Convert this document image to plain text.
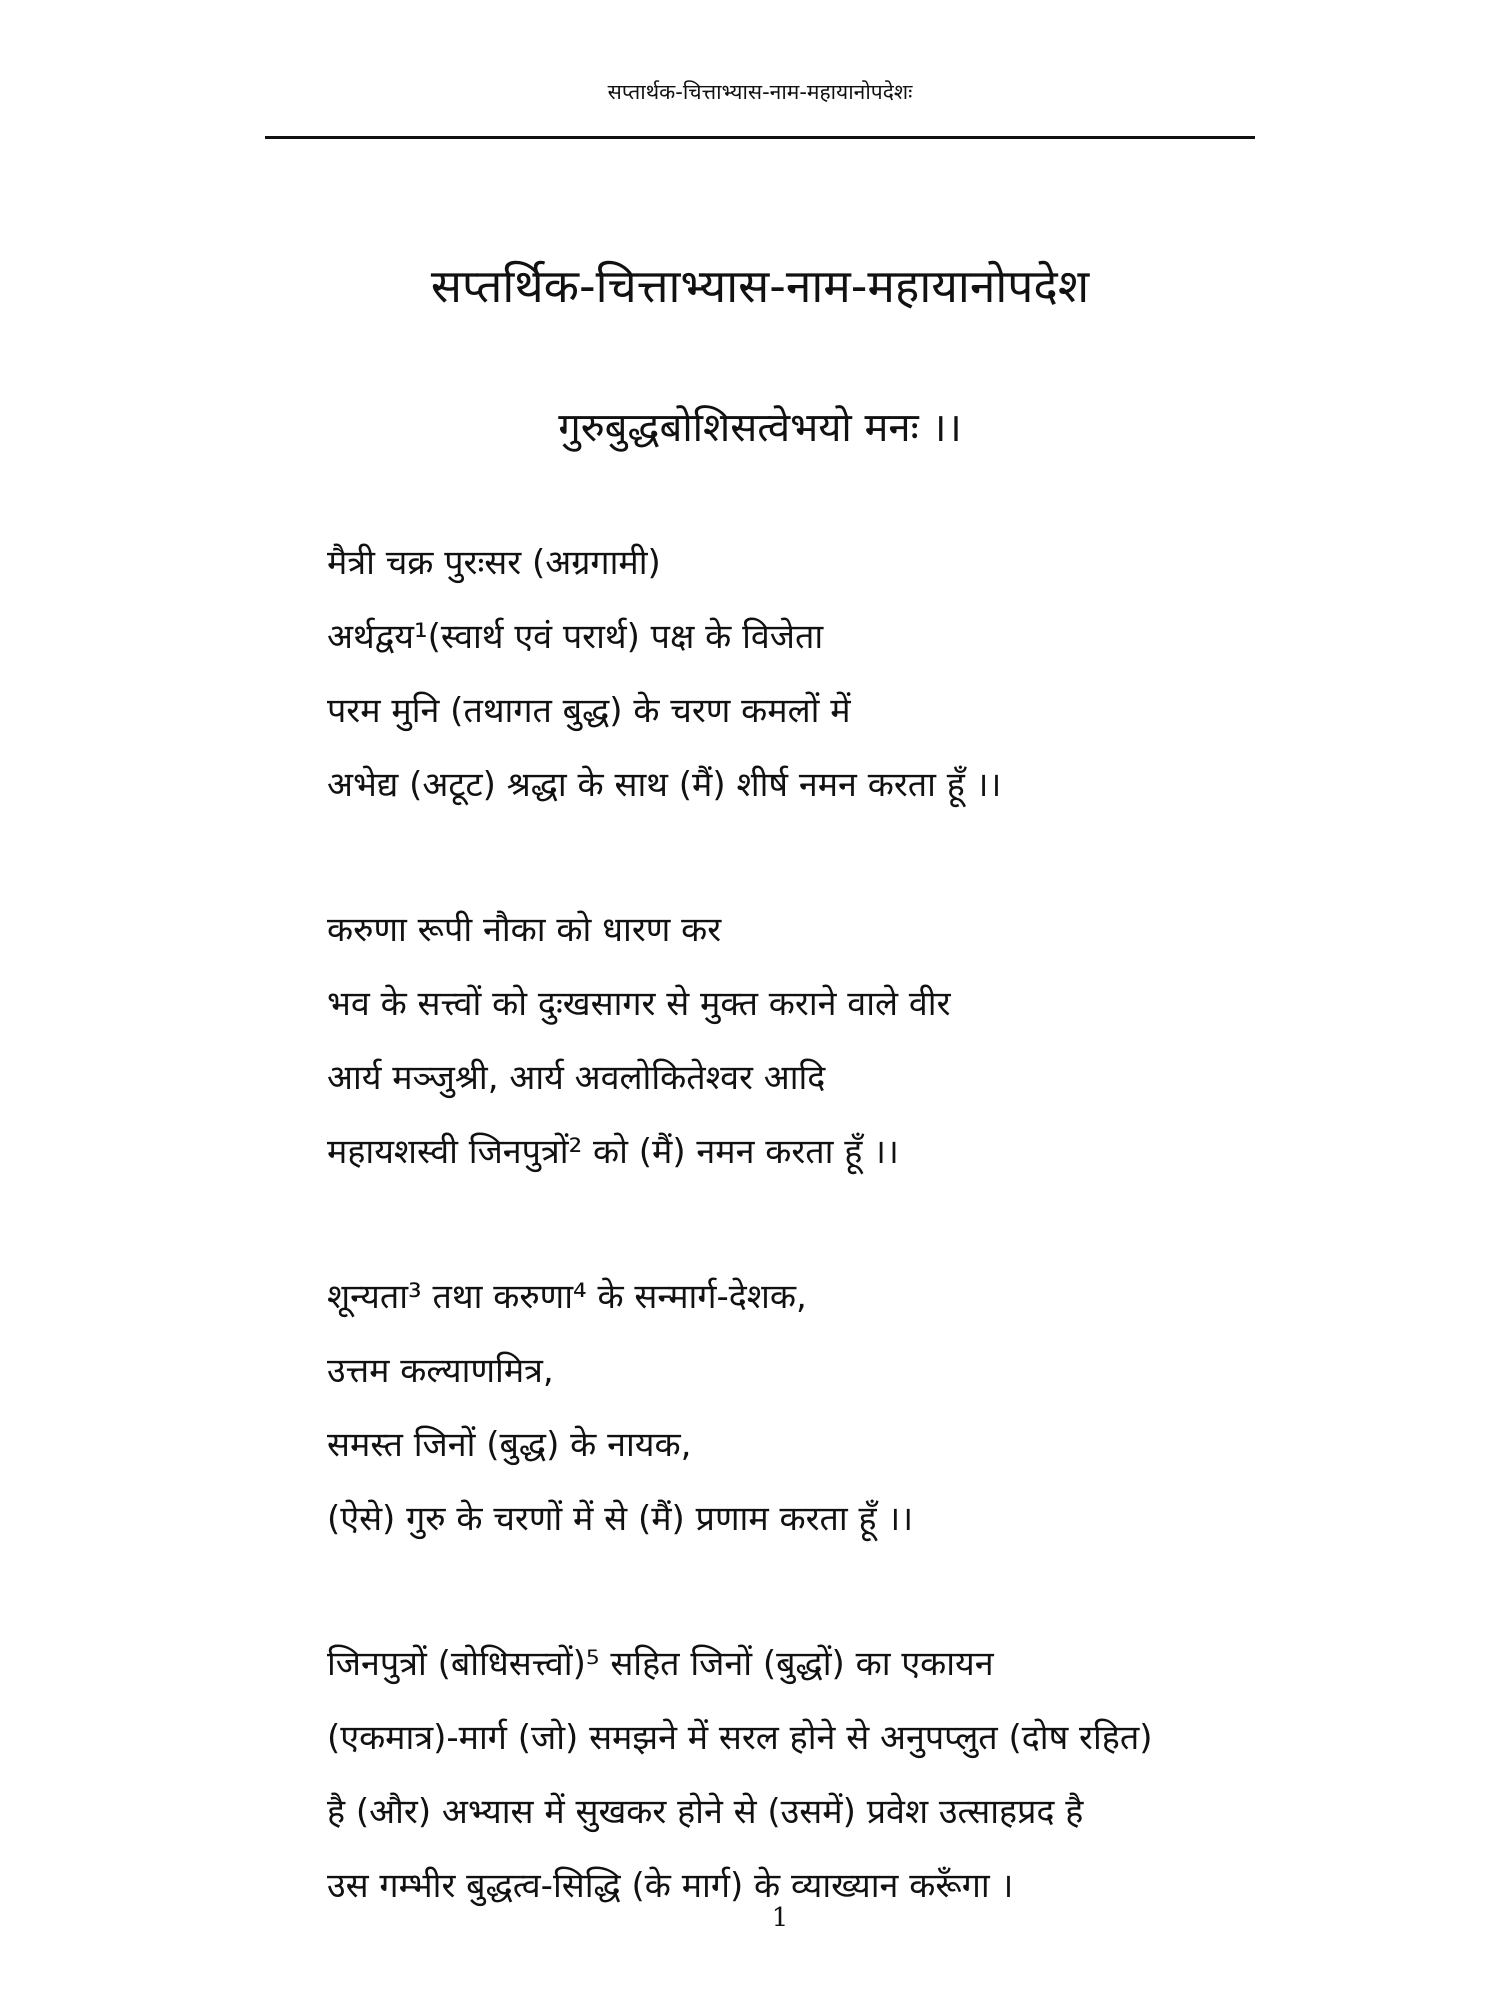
सप्तार्थक-चित्ताभ्यास-नाम-महायानोपदेशः
सप्तर्थिक-चित्ताभ्यास-नाम-महायानोपदेश
गुरुबुद्धबोशिसत्वेभयो मनः ।।
मैत्री चक्र पुरःसर (अग्रगामी)
अर्थद्वय¹(स्वार्थ एवं परार्थ) पक्ष के विजेता
परम मुनि (तथागत बुद्ध) के चरण कमलों में
अभेद्य (अटूट) श्रद्धा के साथ (मैं) शीर्ष नमन करता हूँ ।।
करुणा रूपी नौका को धारण कर
भव के सत्त्वों को दुःखसागर से मुक्त कराने वाले वीर
आर्य मञ्जुश्री, आर्य अवलोकितेश्वर आदि
महायशस्वी जिनपुत्रों² को (मैं) नमन करता हूँ ।।
शून्यता³ तथा करुणा⁴ के सन्मार्ग-देशक,
उत्तम कल्याणमित्र,
समस्त जिनों (बुद्ध) के नायक,
(ऐसे) गुरु के चरणों में से (मैं) प्रणाम करता हूँ ।।
जिनपुत्रों (बोधिसत्त्वों)⁵ सहित जिनों (बुद्धों) का एकायन
(एकमात्र)-मार्ग (जो) समझने में सरल होने से अनुपप्लुत (दोष रहित)
है (और) अभ्यास में सुखकर होने से (उसमें) प्रवेश उत्साहप्रद है
उस गम्भीर बुद्धत्व-सिद्धि (के मार्ग) के व्याख्यान करूँगा ।
1
